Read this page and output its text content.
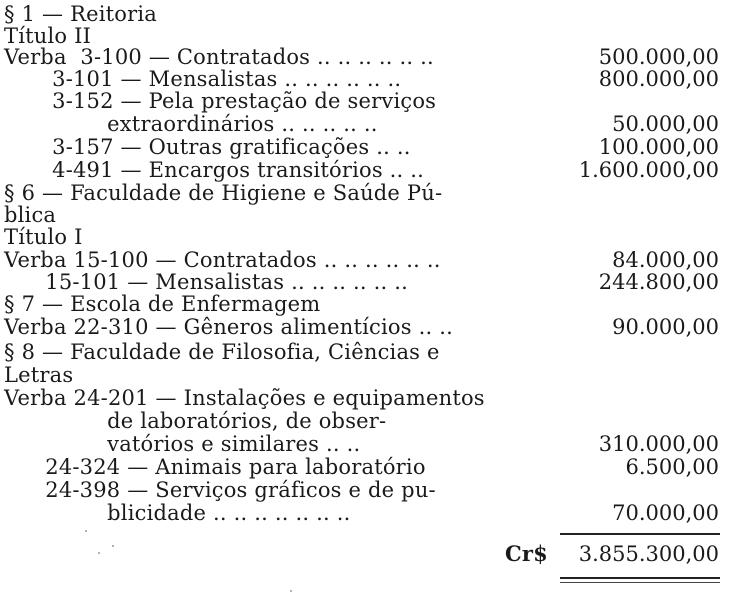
§ 1 — Reitoria
Título II
Verba  3-100 — Contratados .. .. .. .. .. ..	500.000,00
3-101 — Mensalistas .. .. .. .. .. ..	800.000,00
3-152 — Pela prestação de serviços
extraordinários .. .. .. .. ..	50.000,00
3-157 — Outras gratificações .. ..	100.000,00
4-491 — Encargos transitórios .. ..	1.600.000,00
§ 6 — Faculdade de Higiene e Saúde Pú-
blica
Título I
Verba 15-100 — Contratados .. .. .. .. .. ..	84.000,00
15-101 — Mensalistas .. .. .. .. .. ..	244.800,00
§ 7 — Escola de Enfermagem
Verba 22-310 — Gêneros alimentícios .. ..	90.000,00
§ 8 — Faculdade de Filosofia, Ciências e
Letras
Verba 24-201 — Instalações e equipamentos
de laboratórios, de obser-
vatórios e similares .. ..	310.000,00
24-324 — Animais para laboratório	6.500,00
24-398 — Serviços gráficos e de pu-
blicidade .. .. .. .. .. .. ..	70.000,00
Cr$ 3.855.300,00
